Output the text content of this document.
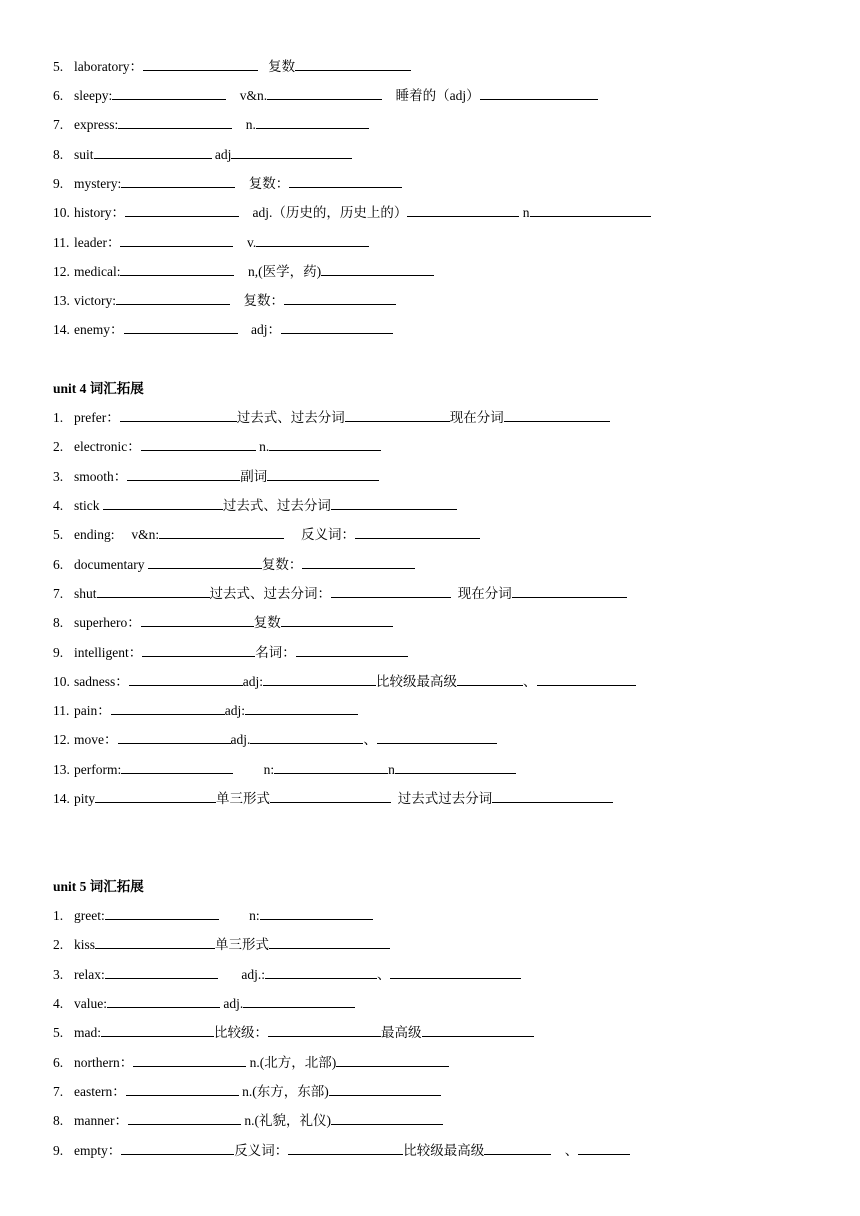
5. laboratory：	复数
6. sleepy:	v&n.	睡着的（adj）
7. express:	n.
8. suit	adj
9. mystery:	复数：
10. history：	adj.（历史的，历史上的）	n
11. leader：	v.
12. medical:	n,(医学，药)
13. victory:	复数：
14. enemy：	adj：
unit 4 词汇拓展
1. prefer：	过去式、过去分词	现在分词
2. electronic：	n.
3. smooth：	副词
4. stick	过去式、过去分词
5. ending:     v&n:	反义词：
6. documentary	复数：
7. shut	过去式、过去分词：	现在分词
8. superhero：	复数
9. intelligent：	名词：
10. sadness：	adj:	比较级最高级	、
11. pain：	adj:
12. move：	adj.	、
13. perform:	n:	n
14. pity	单三形式	过去式过去分词
unit 5 词汇拓展
1. greet:	n:
2. kiss	单三形式
3. relax:	adj.:	、
4. value:	adj.
5. mad:	比较级：	最高级
6. northern：	n.(北方，北部)
7. eastern：	n.(东方，东部)
8. manner：	n.(礼貌，礼仪)
9. empty：	反义词：	比较级最高级	、
